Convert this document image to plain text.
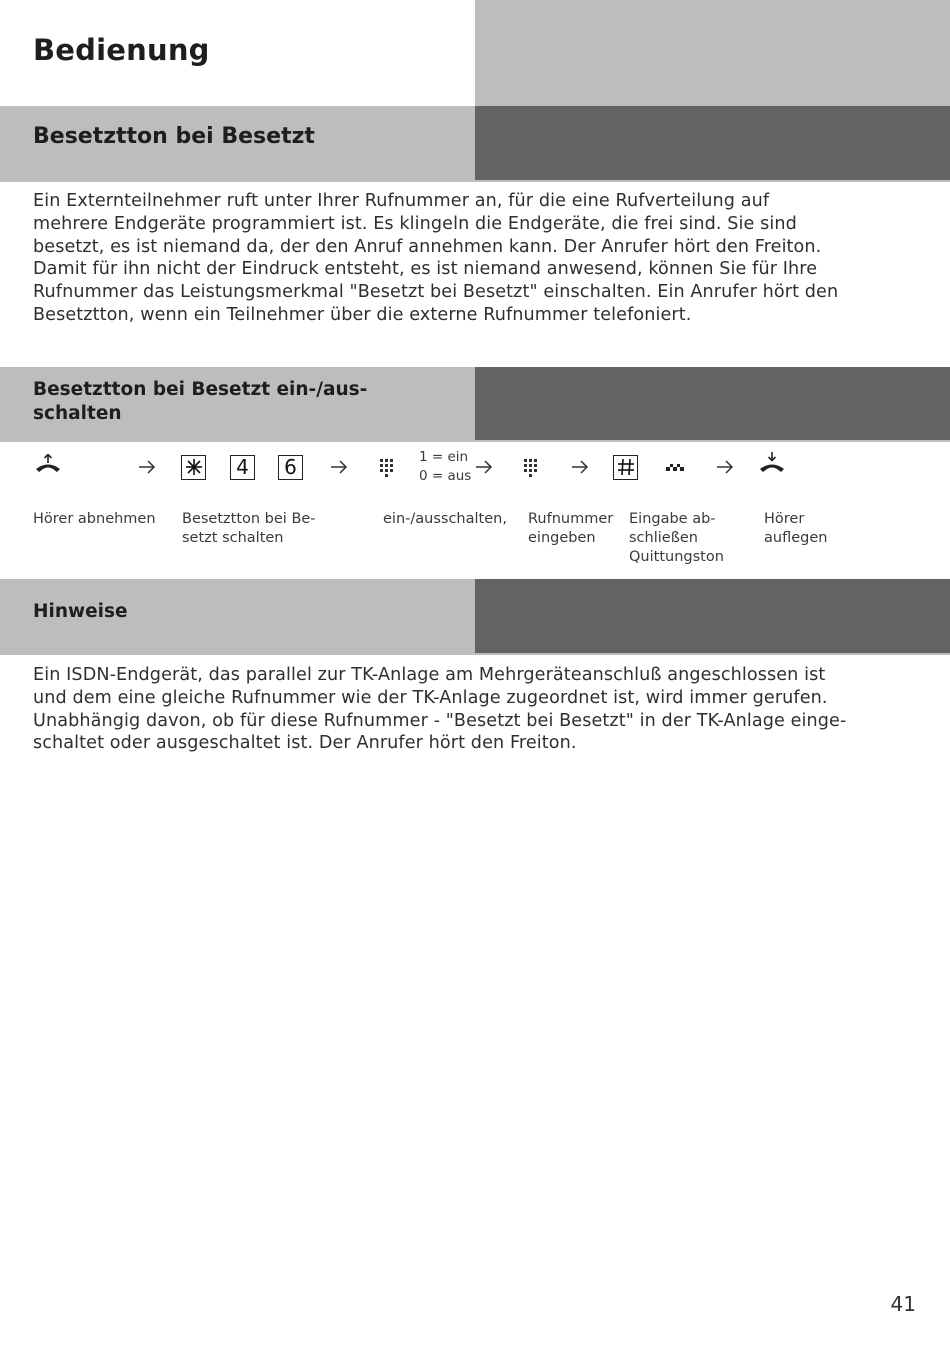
Bedienung
Besetztton bei Besetzt
Ein Externteilnehmer ruft unter Ihrer Rufnummer an, für die eine Rufverteilung auf
mehrere Endgeräte programmiert ist. Es klingeln die Endgeräte, die frei sind. Sie sind
besetzt, es ist niemand da, der den Anruf annehmen kann. Der Anrufer hört den Freiton.
Damit für ihn nicht der Eindruck entsteht, es ist niemand anwesend, können Sie für Ihre
Rufnummer das Leistungsmerkmal "Besetzt bei Besetzt" einschalten. Ein Anrufer hört den
Besetztton, wenn ein Teilnehmer über die externe Rufnummer telefoniert.
Besetztton bei Besetzt ein-/aus-
schalten
4	6	1 = ein
0 = aus
Hörer abnehmen Besetztton bei Be-
setzt schalten
ein-/ausschalten, Rufnummer
eingeben
Eingabe ab-
schließen
Quittungston
Hörer
auflegen
Hinweise
Ein ISDN-Endgerät, das parallel zur TK-Anlage am Mehrgeräteanschluß angeschlossen ist
und dem eine gleiche Rufnummer wie der TK-Anlage zugeordnet ist, wird immer gerufen.
Unabhängig davon, ob für diese Rufnummer - "Besetzt bei Besetzt" in der TK-Anlage einge-
schaltet oder ausgeschaltet ist. Der Anrufer hört den Freiton.
41
